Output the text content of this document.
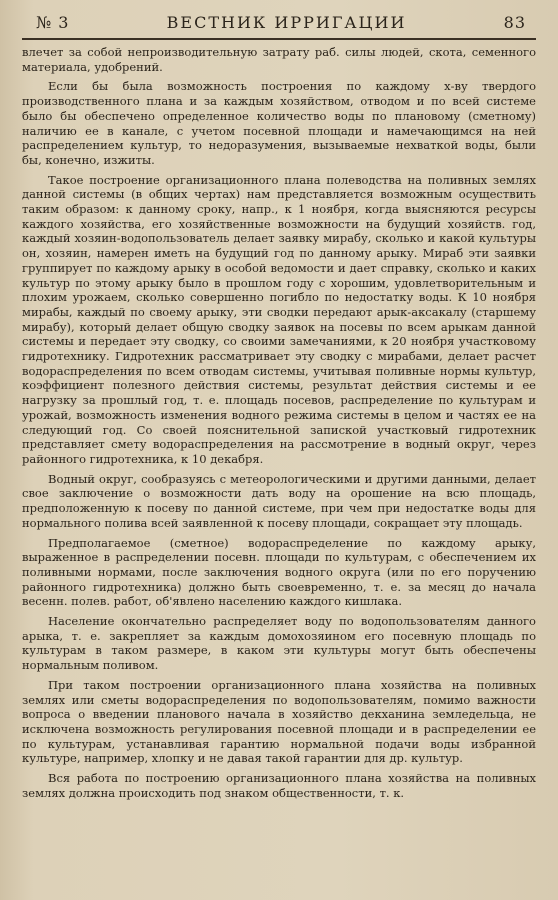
№ 3	ВЕСТНИК ИРРИГАЦИИ	83

влечет за собой непроизводительную затрату раб. силы людей, скота, семенного материала, удобрений.

Если бы была возможность построения по каждому х-ву твердого производственного плана и за каждым хозяйством, отводом и по всей системе было бы обеспечено определенное количество воды по плановому (сметному) наличию ее в канале, с учетом посевной площади и намечающимся на ней распределением культур, то недоразумения, вызываемые нехваткой воды, были бы, конечно, изжиты.

Такое построение организационного плана полеводства на поливных землях данной системы (в общих чертах) нам представляется возможным осуществить таким образом: к данному сроку, напр., к 1 ноября, когда выясняются ресурсы каждого хозяйства, его хозяйственные возможности на будущий хозяйств. год, каждый хозяин-водопользователь делает заявку мирабу, сколько и какой культуры он, хозяин, намерен иметь на будущий год по данному арыку. Мираб эти заявки группирует по каждому арыку в особой ведомости и дает справку, сколько и каких культур по этому арыку было в прошлом году с хорошим, удовлетворительным и плохим урожаем, сколько совершенно погибло по недостатку воды. К 10 ноября мирабы, каждый по своему арыку, эти сводки передают арык-аксакалу (старшему мирабу), который делает общую сводку заявок на посевы по всем арыкам данной системы и передает эту сводку, со своими замечаниями, к 20 ноября участковому гидротехнику. Гидротехник рассматривает эту сводку с мирабами, делает расчет водораспределения по всем отводам системы, учитывая поливные нормы культур, коэффициент полезного действия системы, результат действия системы и ее нагрузку за прошлый год, т. е. площадь посевов, распределение по культурам и урожай, возможность изменения водного режима системы в целом и частях ее на следующий год. Со своей пояснительной запиской участковый гидротехник представляет смету водораспределения на рассмотрение в водный округ, через районного гидротехника, к 10 декабря.

Водный округ, сообразуясь с метеорологическими и другими данными, делает свое заключение о возможности дать воду на орошение на всю площадь, предположенную к посеву по данной системе, при чем при недостатке воды для нормального полива всей заявленной к посеву площади, сокращает эту площадь.

Предполагаемое (сметное) водораспределение по каждому арыку, выраженное в распределении посевн. площади по культурам, с обеспечением их поливными нормами, после заключения водного округа (или по его поручению районного гидротехника) должно быть своевременно, т. е. за месяц до начала весенн. полев. работ, об'явлено населению каждого кишлака.

Население окончательно распределяет воду по водопользователям данного арыка, т. е. закрепляет за каждым домохозяином его посевную площадь по культурам в таком размере, в каком эти культуры могут быть обеспечены нормальным поливом.

При таком построении организационного плана хозяйства на поливных землях или сметы водораспределения по водопользователям, помимо важности вопроса о введении планового начала в хозяйство декханина земледельца, не исключена возможность регулирования посевной площади и в распределении ее по культурам, устанавливая гарантию нормальной подачи воды избранной культуре, например, хлопку и не давая такой гарантии для др. культур.

Вся работа по построению организационного плана хозяйства на поливных землях должна происходить под знаком общественности, т. к.
